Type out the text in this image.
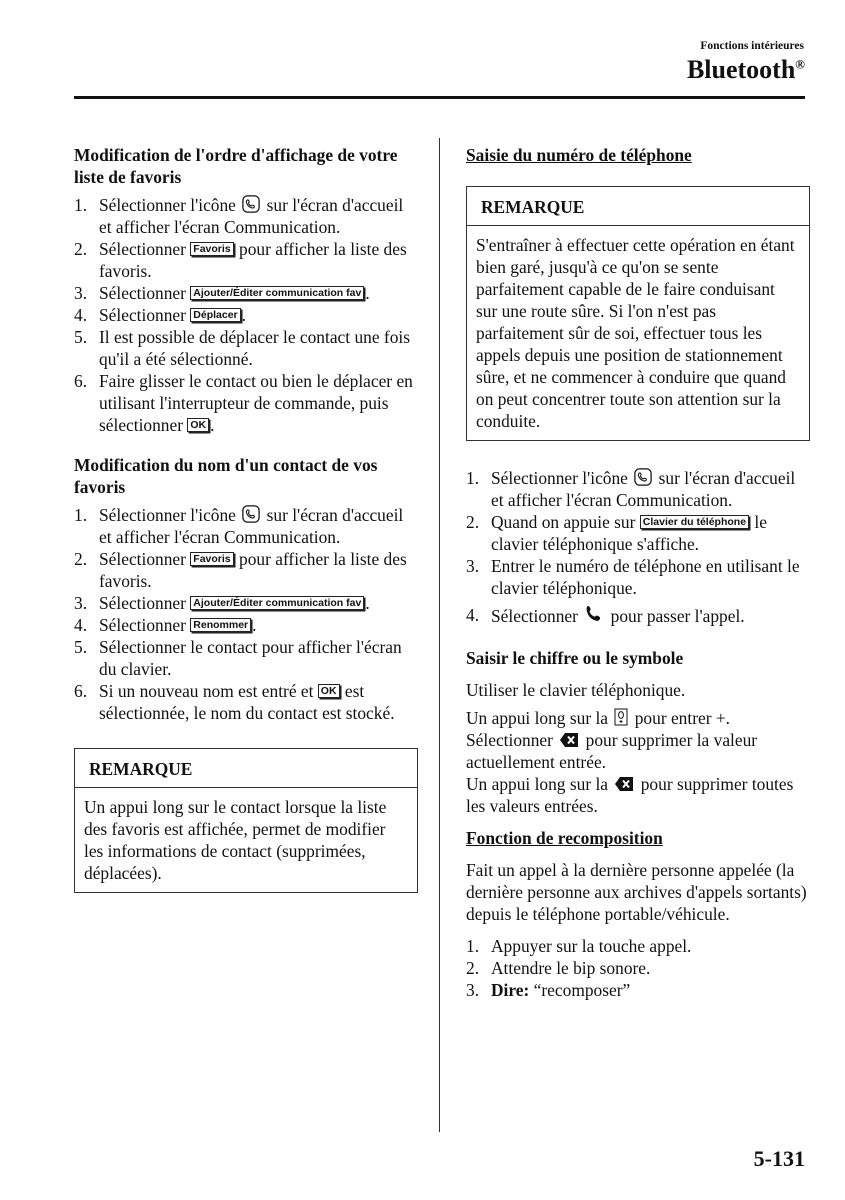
Fonctions intérieures
Bluetooth®
Modification de l'ordre d'affichage de votre liste de favoris
1. Sélectionner l'icône sur l'écran d'accueil et afficher l'écran Communication.
2. Sélectionner Favoris pour afficher la liste des favoris.
3. Sélectionner Ajouter/Éditer communication fav .
4. Sélectionner Déplacer .
5. Il est possible de déplacer le contact une fois qu'il a été sélectionné.
6. Faire glisser le contact ou bien le déplacer en utilisant l'interrupteur de commande, puis sélectionner OK .
Modification du nom d'un contact de vos favoris
1. Sélectionner l'icône sur l'écran d'accueil et afficher l'écran Communication.
2. Sélectionner Favoris pour afficher la liste des favoris.
3. Sélectionner Ajouter/Éditer communication fav .
4. Sélectionner Renommer .
5. Sélectionner le contact pour afficher l'écran du clavier.
6. Si un nouveau nom est entré et OK est sélectionnée, le nom du contact est stocké.
REMARQUE
Un appui long sur le contact lorsque la liste des favoris est affichée, permet de modifier les informations de contact (supprimées, déplacées).
Saisie du numéro de téléphone
REMARQUE
S'entraîner à effectuer cette opération en étant bien garé, jusqu'à ce qu'on se sente parfaitement capable de le faire conduisant sur une route sûre. Si l'on n'est pas parfaitement sûr de soi, effectuer tous les appels depuis une position de stationnement sûre, et ne commencer à conduire que quand on peut concentrer toute son attention sur la conduite.
1. Sélectionner l'icône sur l'écran d'accueil et afficher l'écran Communication.
2. Quand on appuie sur Clavier du téléphone le clavier téléphonique s'affiche.
3. Entrer le numéro de téléphone en utilisant le clavier téléphonique.
4. Sélectionner pour passer l'appel.
Saisir le chiffre ou le symbole
Utiliser le clavier téléphonique.
Un appui long sur la pour entrer +.
Sélectionner pour supprimer la valeur actuellement entrée.
Un appui long sur la pour supprimer toutes les valeurs entrées.
Fonction de recomposition
Fait un appel à la dernière personne appelée (la dernière personne aux archives d'appels sortants) depuis le téléphone portable/véhicule.
1. Appuyer sur la touche appel.
2. Attendre le bip sonore.
3. Dire: “recomposer”
5-131
